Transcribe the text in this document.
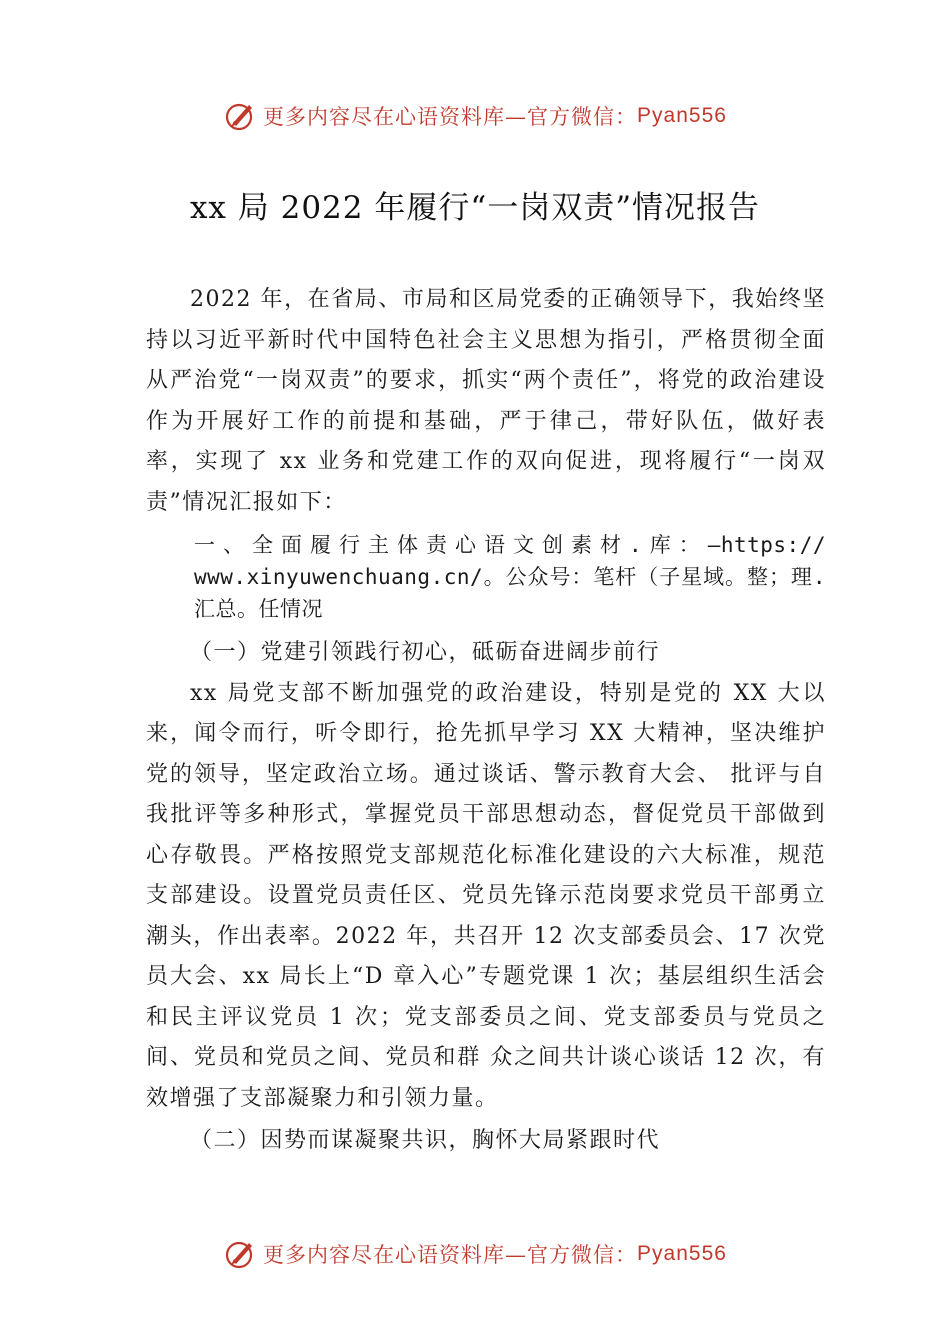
更多内容尽在心语资料库—官方微信： Pyan556
xx 局 2022 年履行“一岗双责”情况报告

2022 年，在省局、市局和区局党委的正确领导下，我始终坚持以习近平新时代中国特色社会主义思想为指引，严格贯彻全面从严治党“一岗双责”的要求，抓实“两个责任”，将党的政治建设作为开展好工作的前提和基础，严于律己，带好队伍，做好表率，实现了 xx 业务和党建工作的双向促进，现将履行“一岗双责”情况汇报如下：

一、全面履行主体责心语文创素材.库：—https:// www.xinyuwenchuang.cn/。公众号：笔杆（子星域。整；理.汇总。任情况

（一）党建引领践行初心，砥砺奋进阔步前行

xx 局党支部不断加强党的政治建设，特别是党的 XX 大以来，闻令而行，听令即行，抢先抓早学习 XX 大精神，坚决维护党的领导，坚定政治立场。通过谈话、警示教育大会、 批评与自我批评等多种形式，掌握党员干部思想动态，督促党员干部做到心存敬畏。严格按照党支部规范化标准化建设的六大标准，规范支部建设。设置党员责任区、党员先锋示范岗要求党员干部勇立潮头，作出表率。2022 年，共召开 12 次支部委员会、17 次党员大会、xx 局长上“D 章入心”专题党课 1 次；基层组织生活会和民主评议党员 1 次；党支部委员之间、党支部委员与党员之间、党员和党员之间、党员和群 众之间共计谈心谈话 12 次，有效增强了支部凝聚力和引领力量。

（二）因势而谋凝聚共识，胸怀大局紧跟时代

更多内容尽在心语资料库—官方微信： Pyan556
